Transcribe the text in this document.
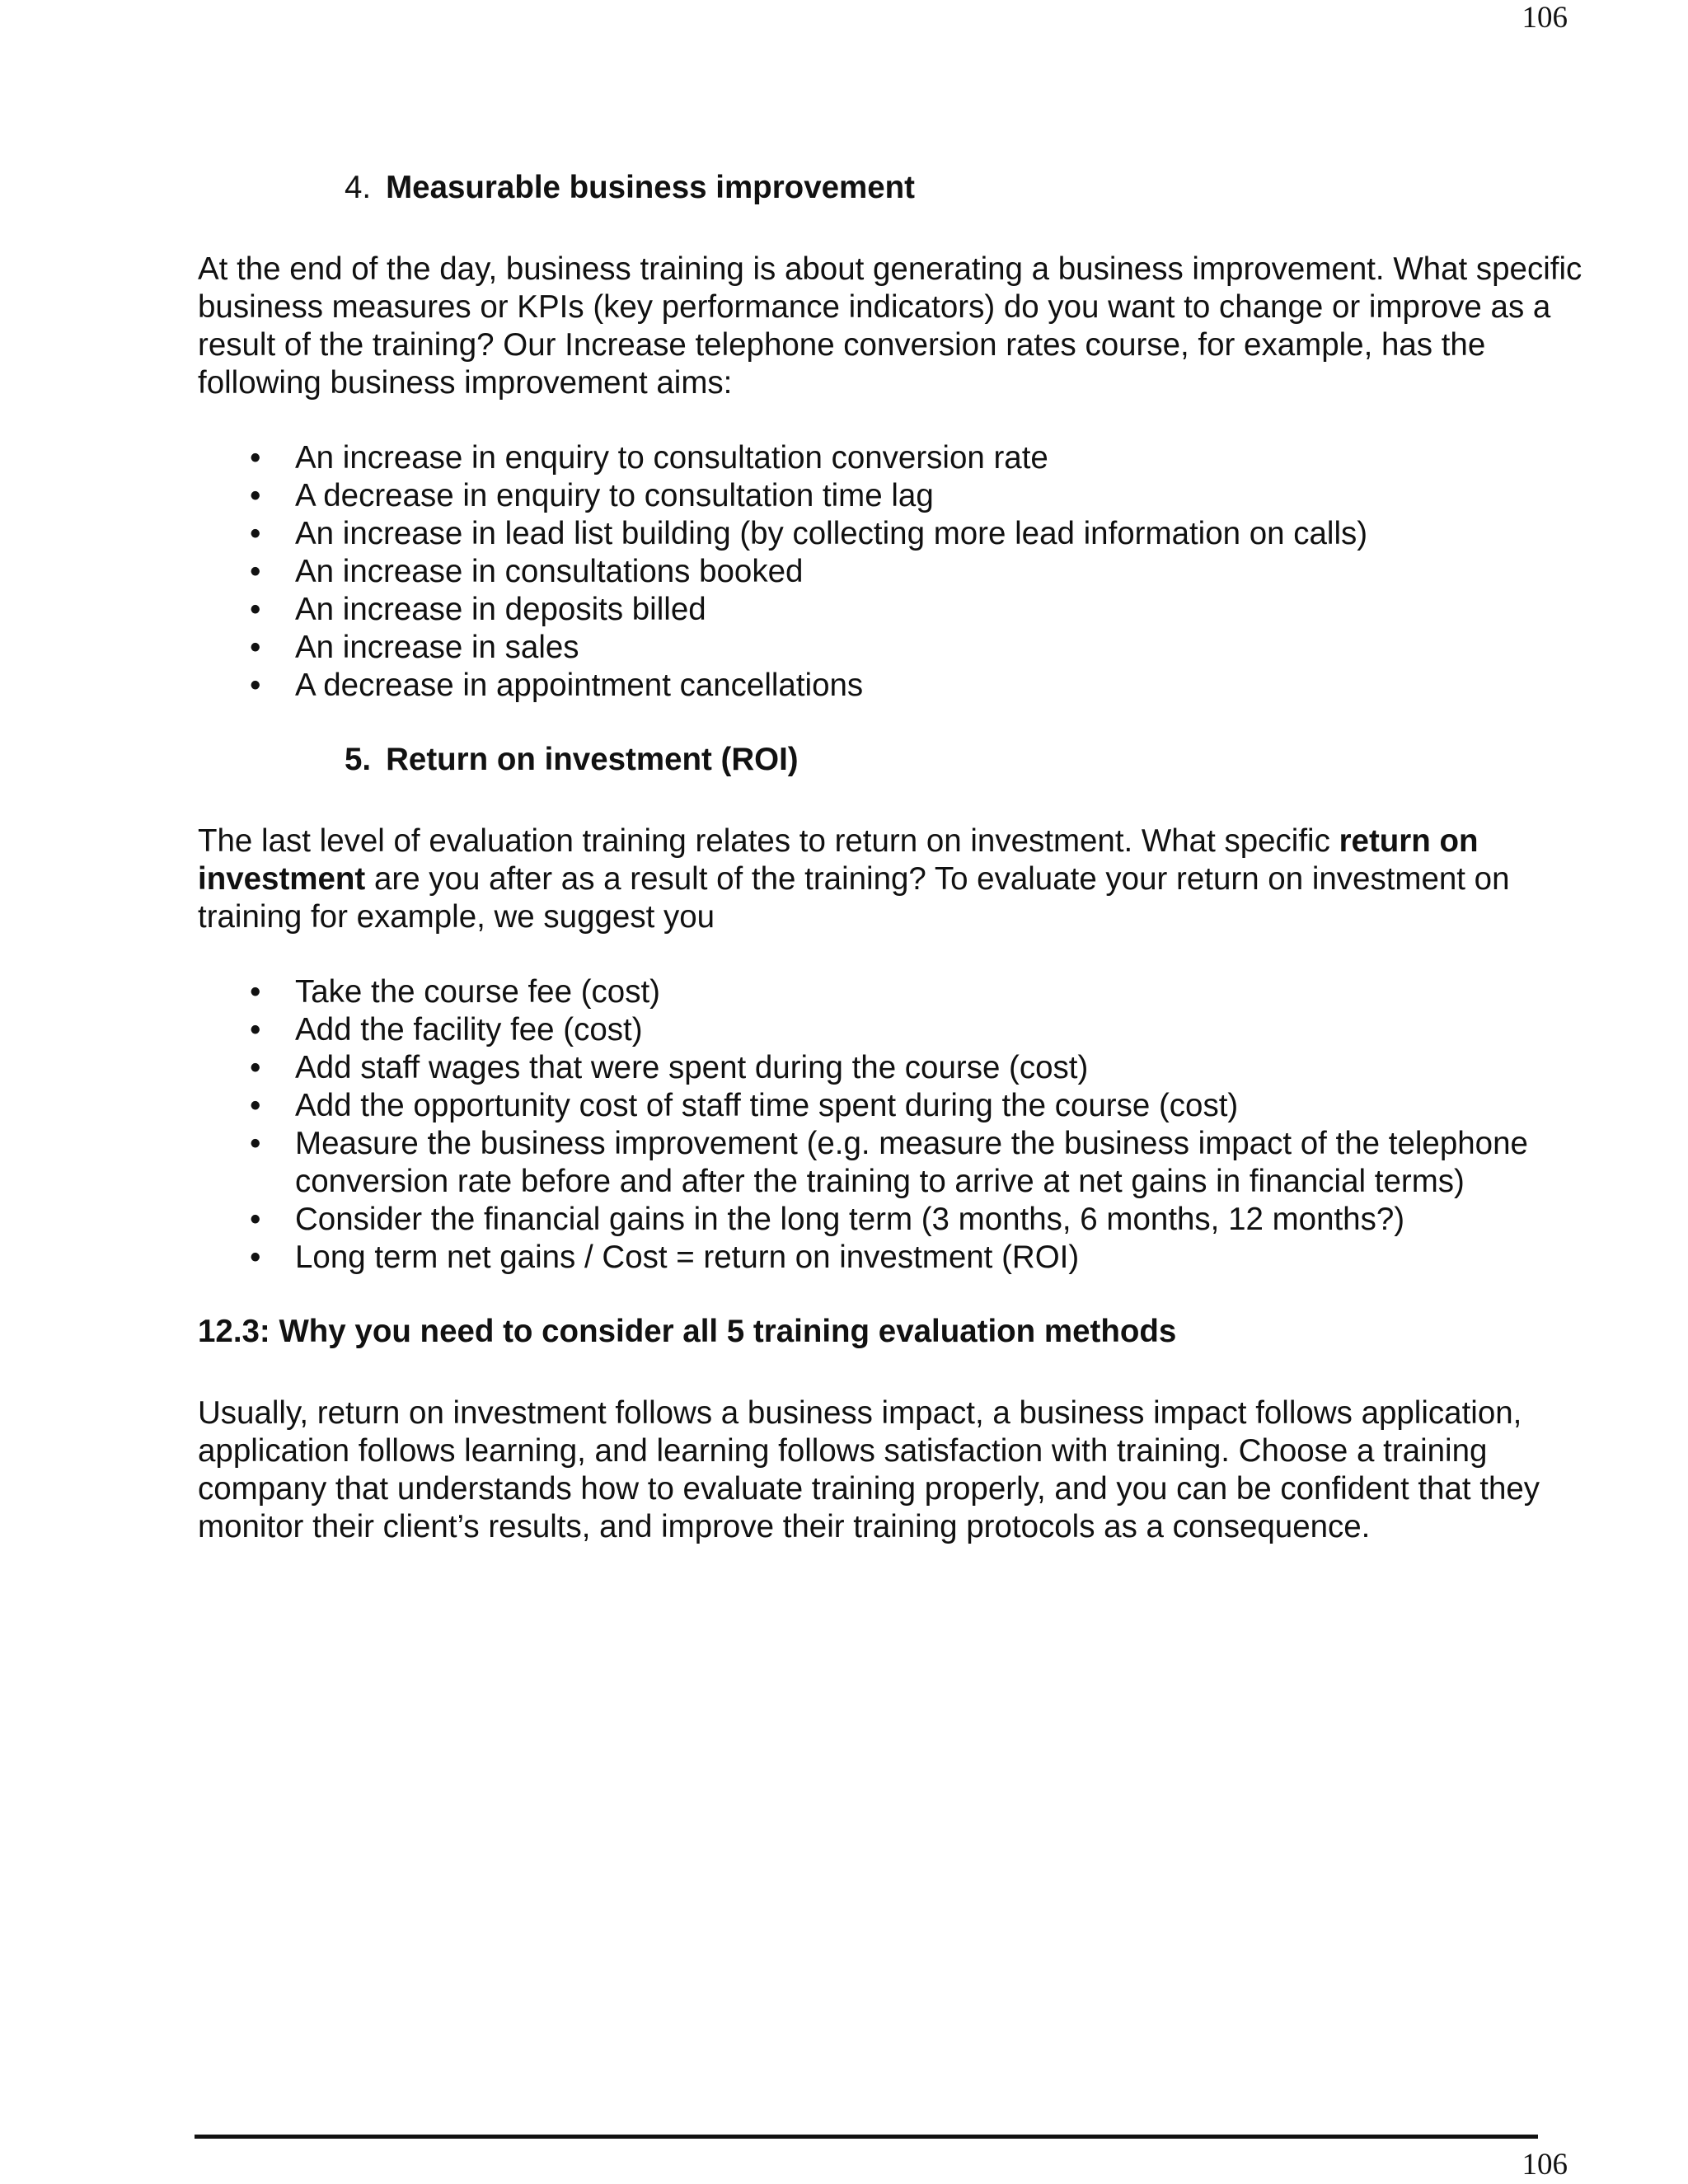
106
4. Measurable business improvement

At the end of the day, business training is about generating a business improvement. What specific business measures or KPIs (key performance indicators) do you want to change or improve as a result of the training? Our Increase telephone conversion rates course, for example, has the following business improvement aims:

• An increase in enquiry to consultation conversion rate
• A decrease in enquiry to consultation time lag
• An increase in lead list building (by collecting more lead information on calls)
• An increase in consultations booked
• An increase in deposits billed
• An increase in sales
• A decrease in appointment cancellations
5. Return on investment (ROI)

The last level of evaluation training relates to return on investment. What specific return on investment are you after as a result of the training? To evaluate your return on investment on training for example, we suggest you

• Take the course fee (cost)
• Add the facility fee (cost)
• Add staff wages that were spent during the course (cost)
• Add the opportunity cost of staff time spent during the course (cost)
• Measure the business improvement (e.g. measure the business impact of the telephone conversion rate before and after the training to arrive at net gains in financial terms)
• Consider the financial gains in the long term (3 months, 6 months, 12 months?)
• Long term net gains / Cost = return on investment (ROI)
12.3: Why you need to consider all 5 training evaluation methods

Usually, return on investment follows a business impact, a business impact follows application, application follows learning, and learning follows satisfaction with training. Choose a training company that understands how to evaluate training properly, and you can be confident that they monitor their client’s results, and improve their training protocols as a consequence.

106
